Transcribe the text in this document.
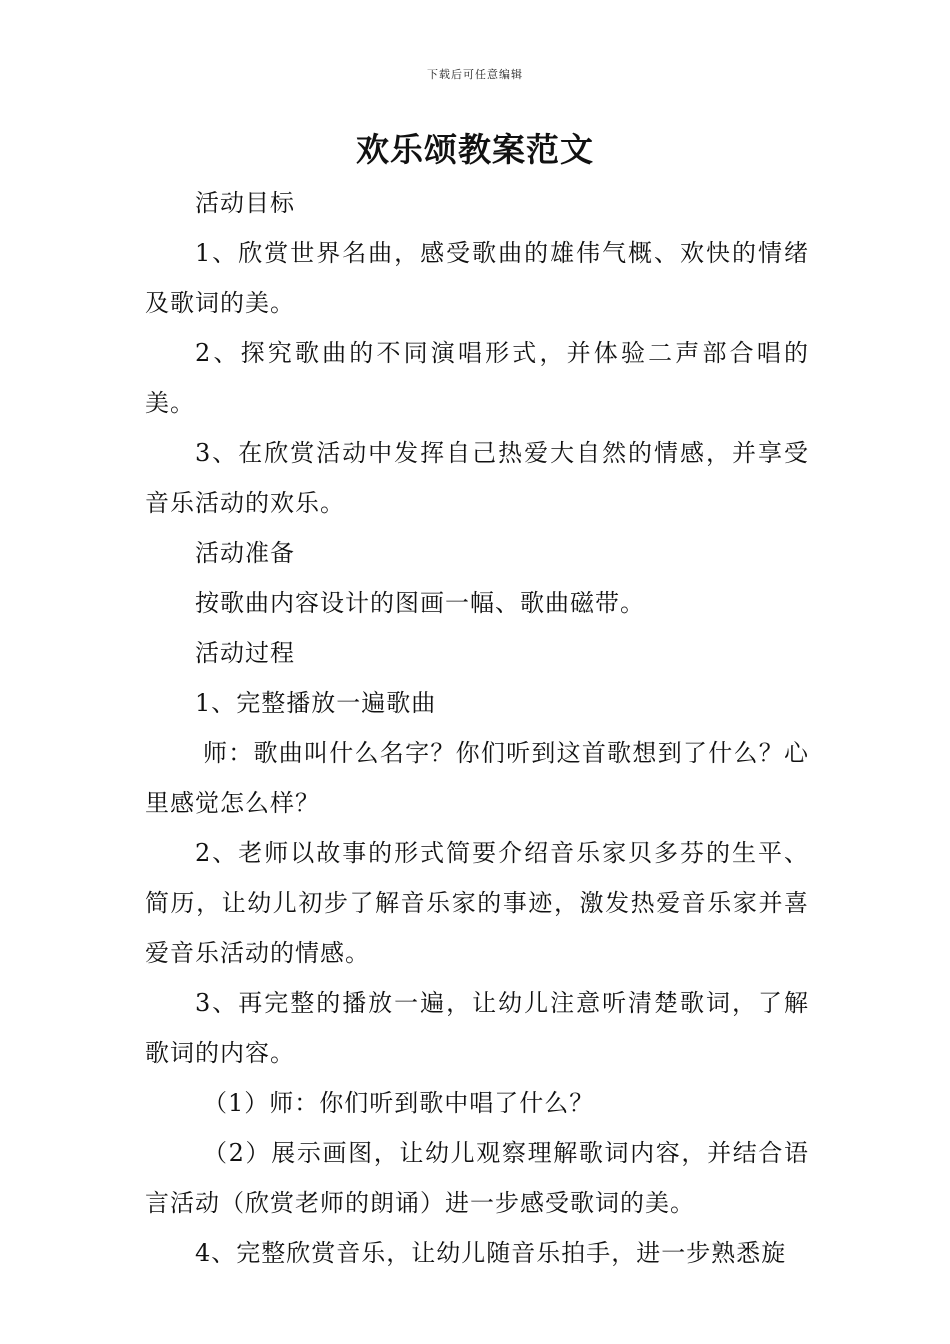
下载后可任意编辑
欢乐颂教案范文

活动目标

1、欣赏世界名曲，感受歌曲的雄伟气概、欢快的情绪及歌词的美。

2、探究歌曲的不同演唱形式，并体验二声部合唱的美。

3、在欣赏活动中发挥自己热爱大自然的情感，并享受音乐活动的欢乐。

活动准备

按歌曲内容设计的图画一幅、歌曲磁带。

活动过程

1、完整播放一遍歌曲

师：歌曲叫什么名字？你们听到这首歌想到了什么？心里感觉怎么样？

2、老师以故事的形式简要介绍音乐家贝多芬的生平、简历，让幼儿初步了解音乐家的事迹，激发热爱音乐家并喜爱音乐活动的情感。

3、再完整的播放一遍，让幼儿注意听清楚歌词，了解歌词的内容。

（1）师：你们听到歌中唱了什么？

（2）展示画图，让幼儿观察理解歌词内容，并结合语言活动（欣赏老师的朗诵）进一步感受歌词的美。

4、完整欣赏音乐，让幼儿随音乐拍手，进一步熟悉旋
